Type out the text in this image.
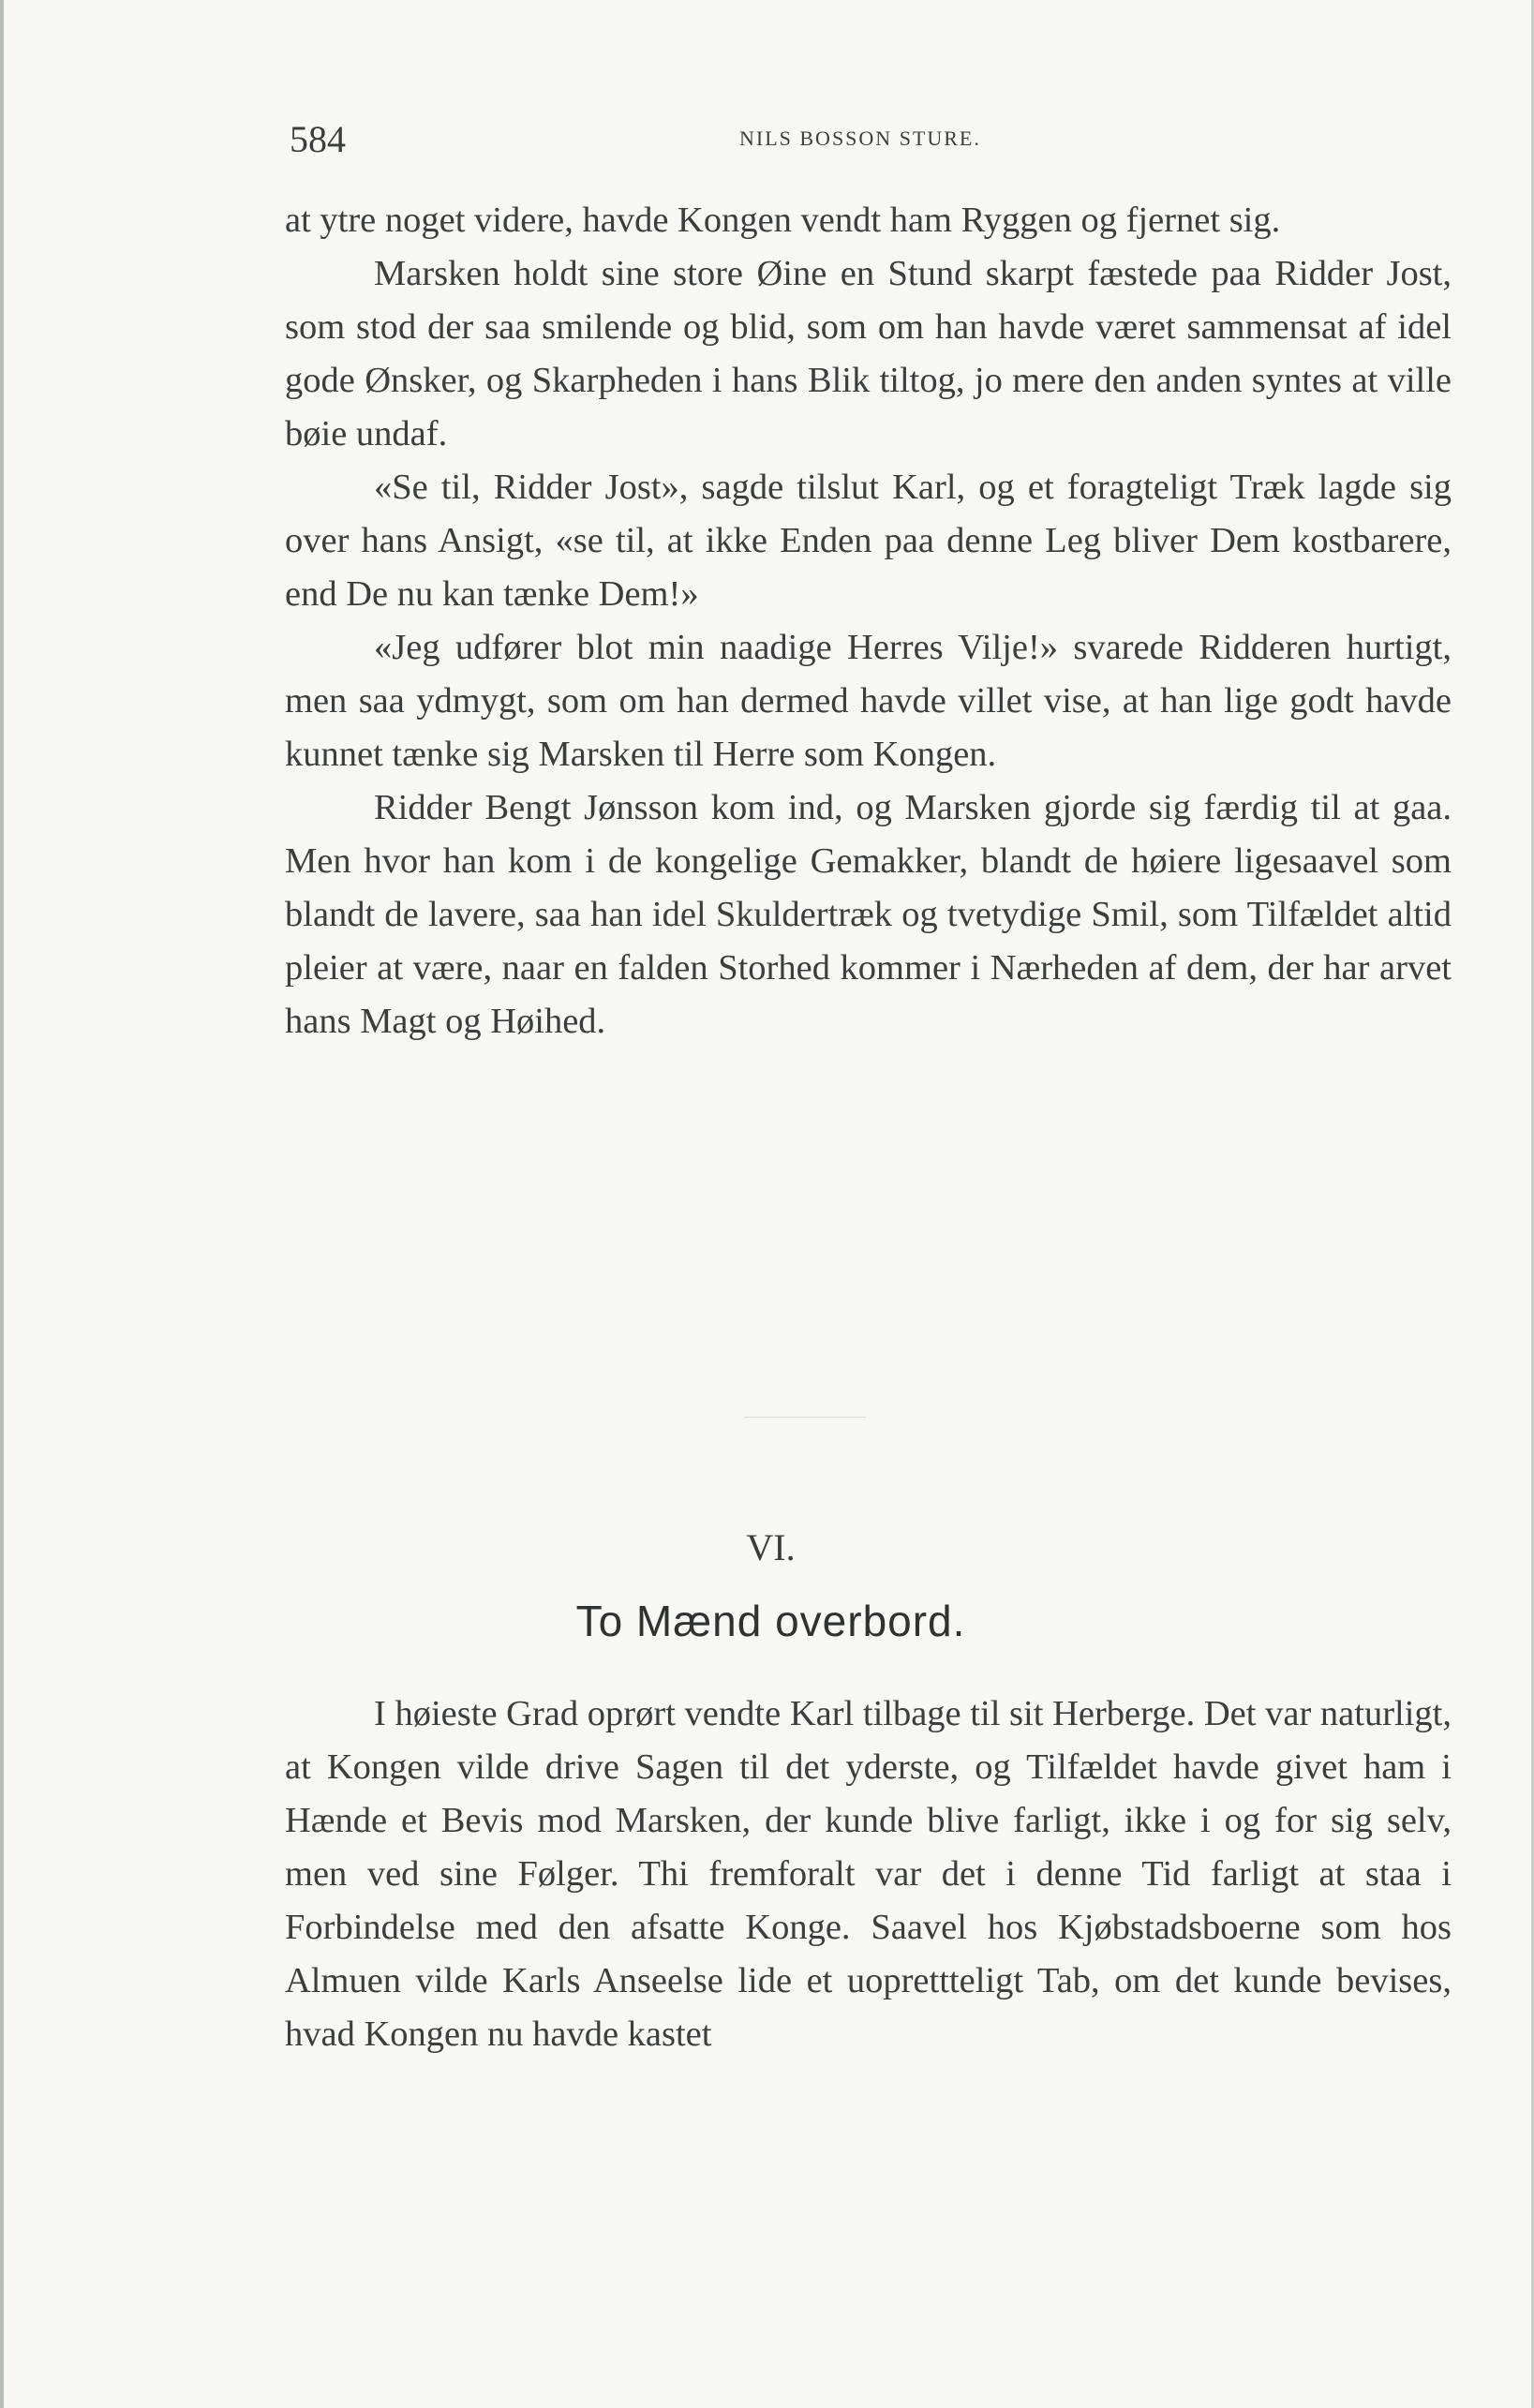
584	NILS BOSSON STURE.

at ytre noget videre, havde Kongen vendt ham Ryggen og fjernet sig.

Marsken holdt sine store Øine en Stund skarpt fæstede paa Ridder Jost, som stod der saa smilende og blid, som om han havde været sammensat af idel gode Ønsker, og Skarpheden i hans Blik tiltog, jo mere den anden syntes at ville bøie undaf.

«Se til, Ridder Jost», sagde tilslut Karl, og et foragteligt Træk lagde sig over hans Ansigt, «se til, at ikke Enden paa denne Leg bliver Dem kostbarere, end De nu kan tænke Dem!»

«Jeg udfører blot min naadige Herres Vilje!» svarede Ridderen hurtigt, men saa ydmygt, som om han dermed havde villet vise, at han lige godt havde kunnet tænke sig Marsken til Herre som Kongen.

Ridder Bengt Jønsson kom ind, og Marsken gjorde sig færdig til at gaa. Men hvor han kom i de kongelige Gemakker, blandt de høiere ligesaavel som blandt de lavere, saa han idel Skuldertræk og tvetydige Smil, som Tilfældet altid pleier at være, naar en falden Storhed kommer i Nærheden af dem, der har arvet hans Magt og Høihed.

VI.
To Mænd overbord.

I høieste Grad oprørt vendte Karl tilbage til sit Herberge. Det var naturligt, at Kongen vilde drive Sagen til det yderste, og Tilfældet havde givet ham i Hænde et Bevis mod Marsken, der kunde blive farligt, ikke i og for sig selv, men ved sine Følger. Thi fremforalt var det i denne Tid farligt at staa i Forbindelse med den afsatte Konge. Saavel hos Kjøbstadsboerne som hos Almuen vilde Karls Anseelse lide et uoprettteligt Tab, om det kunde bevises, hvad Kongen nu havde kastet
